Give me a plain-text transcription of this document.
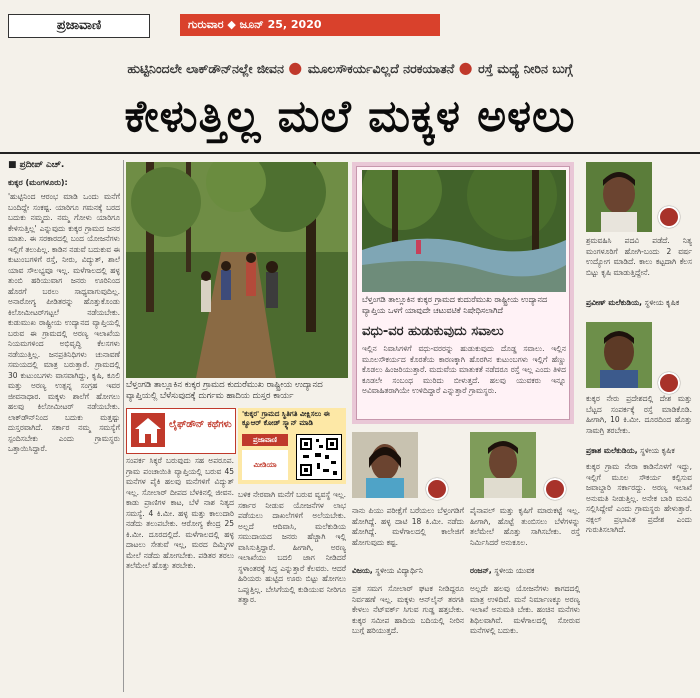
ಪ್ರಜಾವಾಣಿ	ಗುರುವಾರ ◆ ಜೂನ್ 25, 2020
ಹುಟ್ಟಿನಿಂದಲೇ ಲಾಕ್‌ಡೌನ್‌ನಲ್ಲೇ ಜೀವನ ● ಮೂಲಸೌಕರ್ಯವಿಲ್ಲದೆ ನರಕಯಾತನೆ ● ರಸ್ತೆ ಮಧ್ಯೆ ನೀರಿನ ಬುಗ್ಗೆ
ಕೇಳುತ್ತಿಲ್ಲ ಮಲೆ ಮಕ್ಕಳ ಅಳಲು
■ ಪ್ರದೀಪ್ ಎಚ್.
ಕುಕ್ಕರ (ಮಂಗಳೂರು):
'ಹುಟ್ಟಿನಿಂದ ಆರಂಭ ಮಾಡಿ ಒಂದು ಮನೆಗೆ ಬಂದಿದ್ದೇ ಸಂಕಷ್ಟ. ಯಾರಿಗೂ ಗಮನಕ್ಕೆ ಬರದ ಬದುಕು ನಮ್ಮದು. ನಮ್ಮ ಗೋಳು ಯಾರಿಗೂ ಕೇಳಿಸುತ್ತಿಲ್ಲ' ಎನ್ನುವುದು ಕುಕ್ಕರ ಗ್ರಾಮದ ಜನರ ಮಾತು. ಈ ಸರಕಾರದಲ್ಲಿ ಬಂದ ಯೋಜನೆಗಳು ಇಲ್ಲಿಗೆ ತಲುಪಿಲ್ಲ. ಕಾಡಿನ ನಡುವೆ ಬದುಕುವ ಈ ಕುಟುಂಬಗಳಿಗೆ ರಸ್ತೆ, ನೀರು, ವಿದ್ಯುತ್, ಶಾಲೆ ಯಾವ ಸೌಲಭ್ಯವೂ ಇಲ್ಲ. ಮಳೆಗಾಲದಲ್ಲಿ ಹಳ್ಳ ತುಂಬಿ ಹರಿಯುವಾಗ ಜನರು ಊರಿನಿಂದ ಹೊರಗೆ ಬರಲು ಸಾಧ್ಯವಾಗುವುದಿಲ್ಲ. ಅನಾರೋಗ್ಯ ಪೀಡಿತರನ್ನು ಹೊತ್ತುಕೊಂಡು ಕಿಲೋಮೀಟರ್‌ಗಟ್ಟಲೆ ನಡೆಯಬೇಕು. ಕುಡುಮುಖ ರಾಷ್ಟ್ರೀಯ ಉದ್ಯಾನದ ವ್ಯಾಪ್ತಿಯಲ್ಲಿ ಬರುವ ಈ ಗ್ರಾಮದಲ್ಲಿ ಅರಣ್ಯ ಇಲಾಖೆಯ ನಿಯಮಗಳಿಂದ ಅಭಿವೃದ್ಧಿ ಕೆಲಸಗಳು ನಡೆಯುತ್ತಿಲ್ಲ. ಜನಪ್ರತಿನಿಧಿಗಳು ಚುನಾವಣೆ ಸಮಯದಲ್ಲಿ ಮಾತ್ರ ಬರುತ್ತಾರೆ. ಗ್ರಾಮದಲ್ಲಿ 30 ಕುಟುಂಬಗಳು ವಾಸವಾಗಿದ್ದು, ಕೃಷಿ, ಕೂಲಿ ಮತ್ತು ಅರಣ್ಯ ಉತ್ಪನ್ನ ಸಂಗ್ರಹ ಇವರ ಜೀವನಾಧಾರ. ಮಕ್ಕಳು ಶಾಲೆಗೆ ಹೋಗಲು ಹಲವು ಕಿಲೋಮೀಟರ್ ನಡೆಯಬೇಕು. ಲಾಕ್‌ಡೌನ್‌ನಿಂದ ಬದುಕು ಮತ್ತಷ್ಟು ದುಸ್ತರವಾಗಿದೆ. ಸರ್ಕಾರ ನಮ್ಮ ಸಮಸ್ಯೆಗೆ ಸ್ಪಂದಿಸಬೇಕು ಎಂದು ಗ್ರಾಮಸ್ಥರು ಒತ್ತಾಯಿಸಿದ್ದಾರೆ.
ಬೆಳ್ತಂಗಡಿ ತಾಲ್ಲೂಕಿನ ಕುಕ್ಕರ ಗ್ರಾಮದ ಕುದುರೆಮುಖ ರಾಷ್ಟ್ರೀಯ ಉದ್ಯಾನದ ವ್ಯಾಪ್ತಿಯಲ್ಲಿ ಬೆಳೆಸುವುದಕ್ಕೆ ದುರ್ಗಮ ಹಾದಿಯ ದುಸ್ತರ ಕಾರ್ಯ
ಬೆಳ್ತಂಗಡಿ ತಾಲ್ಲೂಕಿನ ಕುಕ್ಕರ ಗ್ರಾಮದ ಕುದುರೆಮುಖ ರಾಷ್ಟ್ರೀಯ ಉದ್ಯಾನದ ವ್ಯಾಪ್ತಿಯ ಒಳಗೆ ಯಾವುದೇ ಚಟುವಟಿಕೆ ನಿಷೇಧಿಸಲಾಗಿದೆ
ವಧು-ವರ ಹುಡುಕುವುದು ಸವಾಲು
ಇಲ್ಲಿನ ನಿವಾಸಿಗಳಿಗೆ ವಧು-ವರರನ್ನು ಹುಡುಕುವುದು ದೊಡ್ಡ ಸವಾಲು. ಇಲ್ಲಿನ ಮೂಲಸೌಕರ್ಯದ ಕೊರತೆಯ ಕಾರಣಕ್ಕಾಗಿ ಹೊರಗಿನ ಕುಟುಂಬಗಳು ಇಲ್ಲಿಗೆ ಹೆಣ್ಣು ಕೊಡಲು ಹಿಂಜರಿಯುತ್ತಾರೆ. ಮದುವೆಯ ಮಾತುಕತೆ ನಡೆದರೂ ರಸ್ತೆ ಇಲ್ಲ ಎಂದು ತಿಳಿದ ಕೂಡಲೇ ಸಂಬಂಧ ಮುರಿದು ಬೀಳುತ್ತದೆ. ಹಲವು ಯುವಕರು ಇನ್ನೂ ಅವಿವಾಹಿತರಾಗಿಯೇ ಉಳಿದಿದ್ದಾರೆ ಎನ್ನುತ್ತಾರೆ ಗ್ರಾಮಸ್ಥರು.
ಶ್ರಮವಹಿಸಿ ಪದವಿ ಪಡೆದೆ. ನಿತ್ಯ ಮಂಗಳೂರಿಗೆ ಹೋಗಿ-ಬಂದು 2 ವರ್ಷ ಉದ್ಯೋಗ ಮಾಡಿದೆ. ಕಾಲು ಕಟ್ಟದಾಗಿ ಕೆಲಸ ಬಿಟ್ಟು ಕೃಷಿ ಮಾಡುತ್ತಿದ್ದೇನೆ.
ಪ್ರವೀಣ್ ಮಲೆಕುಡಿಯ, ಸ್ಥಳೀಯ ಕೃಷಿಕ
ಕುಕ್ಕರ ನೇರು ಪ್ರದೇಶದಲ್ಲಿ ದೇಶ ಮತ್ತು ಬೆಟ್ಟದ ಸಂಪರ್ಕಕ್ಕೆ ರಸ್ತೆ ಮಾಡಿಕೊಡಿ. ಹೀಗಾಗಿ, 10 ಕಿ.ಮೀ. ದೂರದಿಂದ ಹೊತ್ತು ಸಾಮಗ್ರಿ ತರಬೇಕು.
ಪ್ರಕಾಶ ಮಲೆಕುಡಿಯ, ಸ್ಥಳೀಯ ಕೃಷಿಕ
ಕುಕ್ಕರ ಗ್ರಾಮ ನೇರಾ ಕಾಡಿನೊಳಗೆ ಇದ್ದು, ಇಲ್ಲಿಗೆ ಮೂಲ ಸೌಕರ್ಯ ಕಲ್ಪಿಸುವ ಜವಾಬ್ದಾರಿ ಸರ್ಕಾರದ್ದು. ಅರಣ್ಯ ಇಲಾಖೆ ಅನುಮತಿ ನೀಡುತ್ತಿಲ್ಲ. ಅನೇಕ ಬಾರಿ ಮನವಿ ಸಲ್ಲಿಸಿದ್ದೇವೆ ಎಂದು ಗ್ರಾಮಸ್ಥರು ಹೇಳುತ್ತಾರೆ. ನಕ್ಸಲ್ ಪ್ರಭಾವಿತ ಪ್ರದೇಶ ಎಂದು ಗುರುತಿಸಲಾಗಿದೆ.
ಲೈಫ್‌ಡೌನ್ ಕಥೆಗಳು
'ಕುಕ್ಕರ' ಗ್ರಾಮದ ಸ್ಥಿತಿಗತಿ ವೀಕ್ಷಿಸಲು ಈ ಕ್ಯೂಆರ್ ಕೋಡ್ ಸ್ಕ್ಯಾನ್ ಮಾಡಿ
ಪ್ರಜಾವಾಣಿ
ಮೀಡಿಯಾ
ಸಂಪರ್ಕ ಸಿಕ್ಕರೆ ಬರುವುದು ಸಹ ಅಪರೂಪ. ಗ್ರಾಮ ಪಂಚಾಯಿತಿ ವ್ಯಾಪ್ತಿಯಲ್ಲಿ ಬರುವ 45 ಮನೆಗಳ ಪೈಕಿ ಹಲವು ಮನೆಗಳಿಗೆ ವಿದ್ಯುತ್ ಇಲ್ಲ. ಸೋಲಾರ್ ದೀಪದ ಬೆಳಕಿನಲ್ಲಿ ಜೀವನ. ಕಾಡು ಪ್ರಾಣಿಗಳ ಕಾಟ, ಬೆಳೆ ನಾಶ ನಿತ್ಯದ ಸಮಸ್ಯೆ. 4 ಕಿ.ಮೀ. ಹಳ್ಳ ಮತ್ತು ಕಾಲುದಾರಿ ನಡೆದು ತಲುಪಬೇಕು. ಆರೋಗ್ಯ ಕೇಂದ್ರ 25 ಕಿ.ಮೀ. ದೂರದಲ್ಲಿದೆ. ಮಳೆಗಾಲದಲ್ಲಿ ಹಳ್ಳ ದಾಟಲು ಸೇತುವೆ ಇಲ್ಲ, ಮರದ ದಿಮ್ಮಿಗಳ ಮೇಲೆ ನಡೆದು ಹೋಗಬೇಕು. ಪಡಿತರ ತರಲು ತಲೆಮೇಲೆ ಹೊತ್ತು ತರಬೇಕು.
ಬಳಿಕ ನೇರವಾಗಿ ಮನೆಗೆ ಬರುವ ವ್ಯವಸ್ಥೆ ಇಲ್ಲ. ಸರ್ಕಾರ ನೀಡುವ ಯೋಜನೆಗಳ ಲಾಭ ಪಡೆಯಲು ದಾಖಲೆಗಳಿಗೆ ಅಲೆಯಬೇಕು. ಅಲ್ಲದೆ ಆದಿವಾಸಿ, ಮಲೆಕುಡಿಯ ಸಮುದಾಯದ ಜನರು ಹೆಚ್ಚಾಗಿ ಇಲ್ಲಿ ವಾಸಿಸುತ್ತಿದ್ದಾರೆ. ಹೀಗಾಗಿ, ಅರಣ್ಯ ಇಲಾಖೆಯು ಬದಲಿ ಜಾಗ ನೀಡಿದರೆ ಸ್ಥಳಾಂತರಕ್ಕೆ ಸಿದ್ಧ ಎನ್ನುತ್ತಾರೆ ಕೆಲವರು. ಆದರೆ ಹಿರಿಯರು ಹುಟ್ಟಿದ ಊರು ಬಿಟ್ಟು ಹೋಗಲು ಒಪ್ಪುತ್ತಿಲ್ಲ. ಬೇಸಿಗೆಯಲ್ಲಿ ಕುಡಿಯುವ ನೀರಿಗೂ ತತ್ವಾರ.
ನಾನು ಪಿಯು ಪರೀಕ್ಷೆಗೆ ಬರೆಯಲು ಬೆಳ್ತಂಗಡಿಗೆ ಹೋಗಿದ್ದೆ. ಹಳ್ಳ ದಾಟಿ 18 ಕಿ.ಮೀ. ನಡೆದು ಹೋಗಿದ್ದೆ. ಮಳೆಗಾಲದಲ್ಲಿ ಕಾಲೇಜಿಗೆ ಹೋಗುವುದು ಕಷ್ಟ.
ವಿಜಯ, ಸ್ಥಳೀಯ ವಿದ್ಯಾರ್ಥಿನಿ
ಪೈನಾಪಲ್ ಮತ್ತು ಕೃಷಿಗೆ ಮಾರುಕಟ್ಟೆ ಇಲ್ಲ. ಹೀಗಾಗಿ, ಹೊಟ್ಟೆ ತುಂಬಿಸಲು ಬೆಳೆಗಳನ್ನು ತಲೆಮೇಲೆ ಹೊತ್ತು ಸಾಗಿಸಬೇಕು. ರಸ್ತೆ ನಿರ್ಮಿಸಿದರೆ ಅನುಕೂಲ.
ರಂಜನ್, ಸ್ಥಳೀಯ ಯುವಕ
ಪ್ರತ ಸಮಗ ಸೋಲಾರ್ ಘಟಕ ನೀಡಿದ್ದರೂ ನಿರ್ವಹಣೆ ಇಲ್ಲ. ಮಕ್ಕಳು ಆನ್‌ಲೈನ್ ತರಗತಿ ಕೇಳಲು ನೆಟ್‌ವರ್ಕ್ ಸಿಗುವ ಗುಡ್ಡ ಹತ್ತಬೇಕು. ಕುಕ್ಕರ ಸಮೀಪ ಹಾದಿಯ ಬದಿಯಲ್ಲಿ ನೀರಿನ ಬುಗ್ಗೆ ಹರಿಯುತ್ತದೆ.
ಅಲ್ಲದೇ ಹಲವು ಯೋಜನೆಗಳು ಕಾಗದದಲ್ಲಿ ಮಾತ್ರ ಉಳಿದಿವೆ. ಮನೆ ನಿರ್ಮಾಣಕ್ಕೂ ಅರಣ್ಯ ಇಲಾಖೆ ಅನುಮತಿ ಬೇಕು. ಹಂಚಿನ ಮನೆಗಳು ಶಿಥಿಲವಾಗಿವೆ. ಮಳೆಗಾಲದಲ್ಲಿ ಸೋರುವ ಮನೆಗಳಲ್ಲಿ ಬದುಕು.
